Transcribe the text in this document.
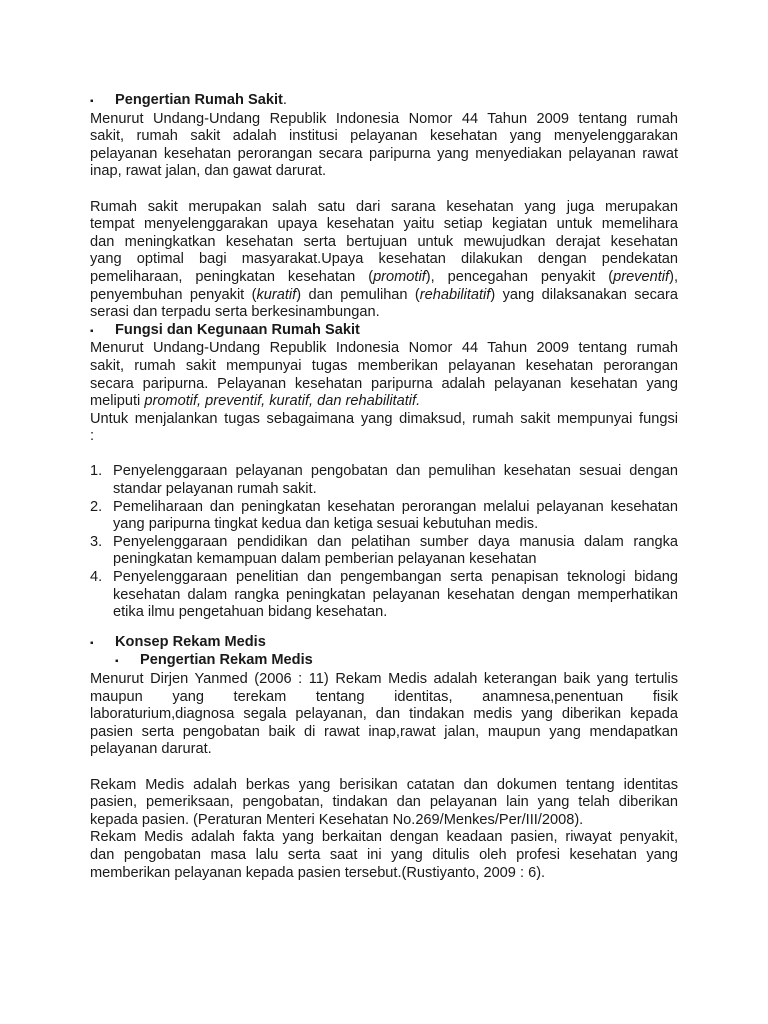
▪	Pengertian Rumah Sakit.

Menurut Undang-Undang Republik Indonesia Nomor 44 Tahun 2009 tentang rumah

sakit, rumah sakit adalah institusi pelayanan kesehatan yang menyelenggarakan

pelayanan kesehatan perorangan secara paripurna yang menyediakan pelayanan rawat

inap, rawat jalan, dan gawat darurat.

Rumah sakit merupakan salah satu dari sarana kesehatan yang juga merupakan

tempat menyelenggarakan upaya kesehatan yaitu setiap kegiatan untuk memelihara

dan meningkatkan kesehatan serta bertujuan untuk mewujudkan derajat kesehatan

yang optimal bagi masyarakat.Upaya kesehatan dilakukan dengan pendekatan

pemeliharaan, peningkatan kesehatan (promotif), pencegahan penyakit (preventif),

penyembuhan penyakit (kuratif) dan pemulihan (rehabilitatif) yang dilaksanakan secara

serasi dan terpadu serta berkesinambungan.

▪	Fungsi dan Kegunaan Rumah Sakit

Menurut Undang-Undang Republik Indonesia Nomor 44 Tahun 2009 tentang rumah

sakit, rumah sakit mempunyai tugas memberikan pelayanan kesehatan perorangan

secara paripurna. Pelayanan kesehatan paripurna adalah pelayanan kesehatan yang

meliputi promotif, preventif, kuratif, dan rehabilitatif.

Untuk menjalankan tugas sebagaimana yang dimaksud, rumah sakit mempunyai fungsi

:

1. Penyelenggaraan pelayanan pengobatan dan pemulihan kesehatan sesuai dengan

standar pelayanan rumah sakit.

2. Pemeliharaan dan peningkatan kesehatan perorangan melalui pelayanan kesehatan

yang paripurna tingkat kedua dan ketiga sesuai kebutuhan medis.

3. Penyelenggaraan pendidikan dan pelatihan sumber daya manusia dalam rangka

peningkatan kemampuan dalam pemberian pelayanan kesehatan

4. Penyelenggaraan penelitian dan pengembangan serta penapisan teknologi bidang

kesehatan dalam rangka peningkatan pelayanan kesehatan dengan memperhatikan

etika ilmu pengetahuan bidang kesehatan.

▪	Konsep Rekam Medis

▪	Pengertian Rekam Medis

Menurut Dirjen Yanmed (2006 : 11) Rekam Medis adalah keterangan baik yang tertulis

maupun yang terekam tentang identitas, anamnesa,penentuan fisik

laboraturium,diagnosa segala pelayanan, dan tindakan medis yang diberikan kepada

pasien serta pengobatan baik di rawat inap,rawat jalan, maupun yang mendapatkan

pelayanan darurat.

Rekam Medis adalah berkas yang berisikan catatan dan dokumen tentang identitas

pasien, pemeriksaan, pengobatan, tindakan dan pelayanan lain yang telah diberikan

kepada pasien. (Peraturan Menteri Kesehatan No.269/Menkes/Per/III/2008).

Rekam Medis adalah fakta yang berkaitan dengan keadaan pasien, riwayat penyakit,

dan pengobatan masa lalu serta saat ini yang ditulis oleh profesi kesehatan yang

memberikan pelayanan kepada pasien tersebut.(Rustiyanto, 2009 : 6).
